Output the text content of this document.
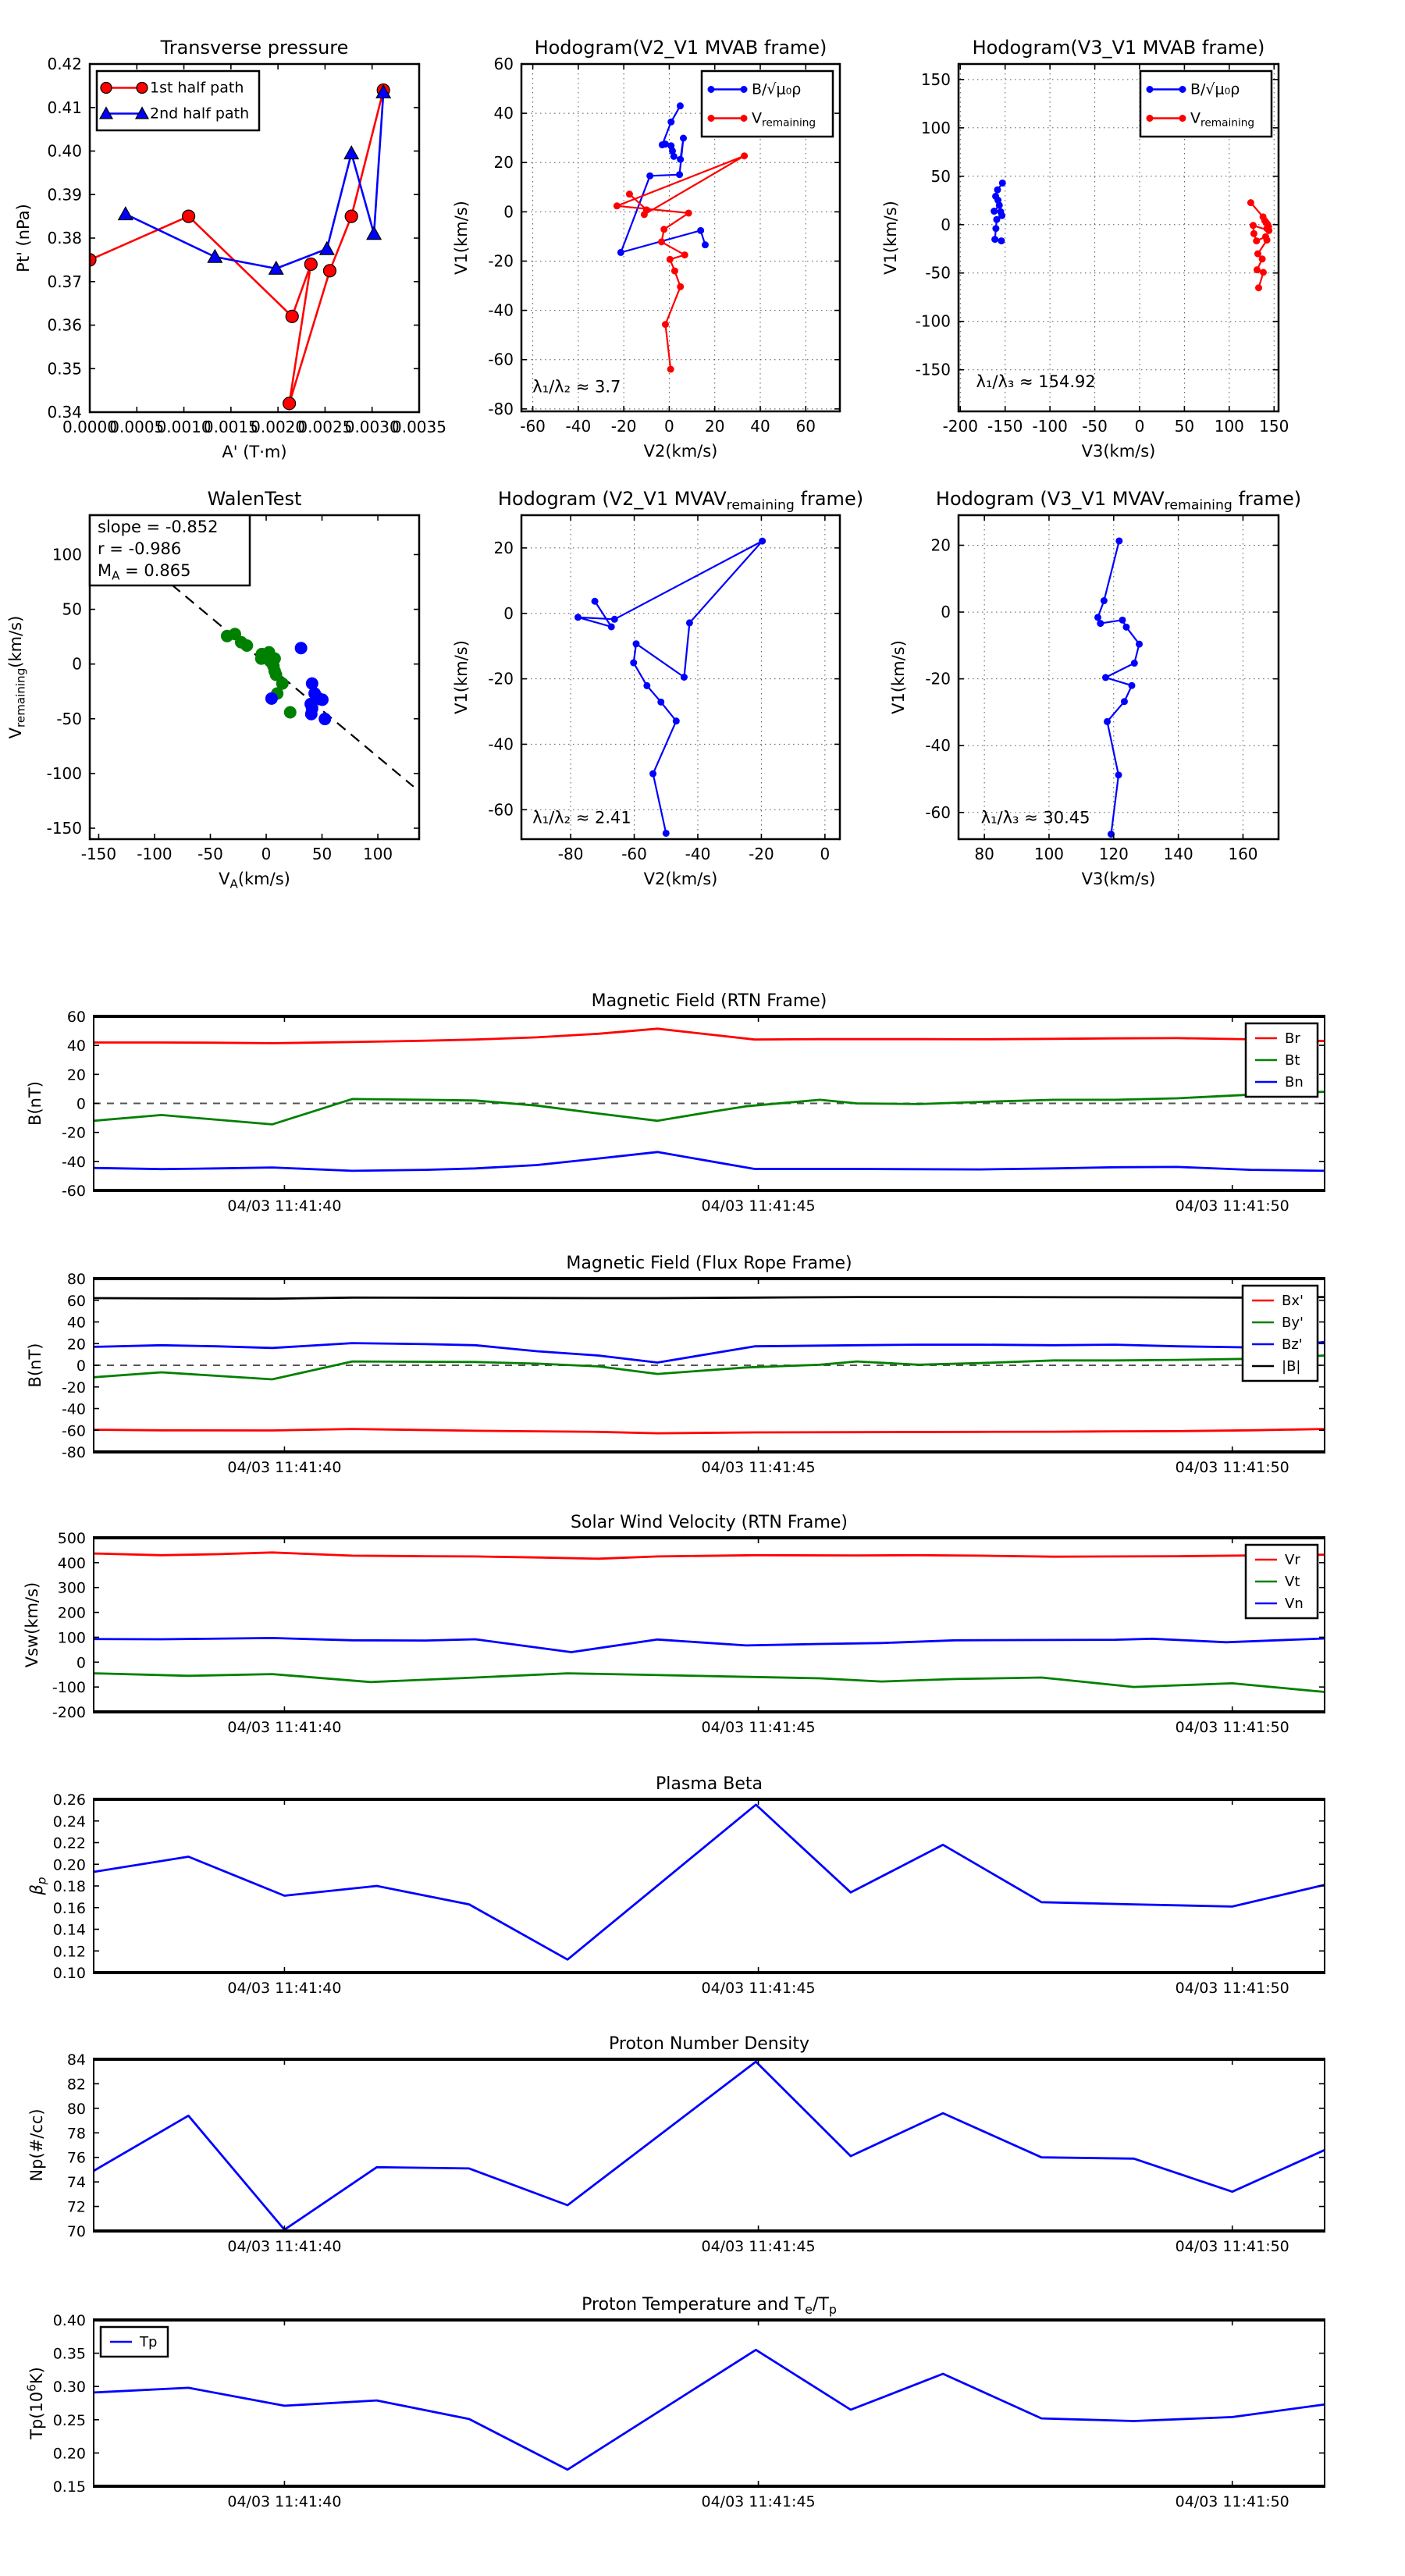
0.0000
0.0005
0.0010
0.0015
0.0020
0.0025
0.0030
0.0035
0.34
0.35
0.36
0.37
0.38
0.39
0.40
0.41
0.42
Transverse pressure
A' (T·m)
Pt' (nPa)
1st half path
2nd half path
-60 -40 -20 0 20 40 60
-80
-60
-40
-20
0
20
40
60
Hodogram(V2_V1 MVAB frame)
V2(km/s)
V1(km/s)
λ₁/λ₂ ≈ 3.7
B/√μ₀ρ
$V_{remaining}$
-200 -150 -100 -50 0 50 100 150
-150
-100
-50
0
50
100
150
Hodogram(V3_V1 MVAB frame)
V3(km/s)
V1(km/s)
λ₁/λ₃ ≈ 154.92
B/√μ₀ρ
$V_{remaining}$
-150 -100 -50 0	50 100
-150
-100
-50
0
50
100
WalenTest
$V_A(km/s)$
$V_{remaining}(km/s)$
slope = -0.852
r = -0.986
$M_A = 0.865$
-80 -60 -40 -20	0
-60
-40
-20
0
20
Hodogram (V2_V1 $MVAV_{remaining}$ frame)
V2(km/s)
V1(km/s)
λ₁/λ₂ ≈ 2.41
80	100 120 140 160
-60
-40
-20
0
20
Hodogram (V3_V1 $MVAV_{remaining}$ frame)
V3(km/s)
V1(km/s)
λ₁/λ₃ ≈ 30.45
04/03 11:41:40	04/03 11:41:45	04/03 11:41:50
-60
-40
-20
0
20
40
60
Magnetic Field (RTN Frame)
B(nT)
Br
Bt
Bn
04/03 11:41:40	04/03 11:41:45	04/03 11:41:50
-80
-60
-40
-20
0
20
40
60
80
Magnetic Field (Flux Rope Frame)
B(nT)
Bx'
By'
Bz'
|B|
04/03 11:41:40	04/03 11:41:45	04/03 11:41:50
-200
-100
0
100
200
300
400
500
Solar Wind Velocity (RTN Frame)
Vsw(km/s)
Vr
Vt
Vn
04/03 11:41:40	04/03 11:41:45	04/03 11:41:50
0.10
0.12
0.14
0.16
0.18
0.20
0.22
0.24
0.26
Plasma Beta
$\beta_p$
04/03 11:41:40	04/03 11:41:45	04/03 11:41:50
70
72
74
76
78
80
82
84
Proton Number Density
Np(#/cc)
04/03 11:41:40	04/03 11:41:45	04/03 11:41:50
0.15
0.20
0.25
0.30
0.35
0.40
Proton Temperature and $T_e/T_p$
$Tp(10^6K)$
Tp
